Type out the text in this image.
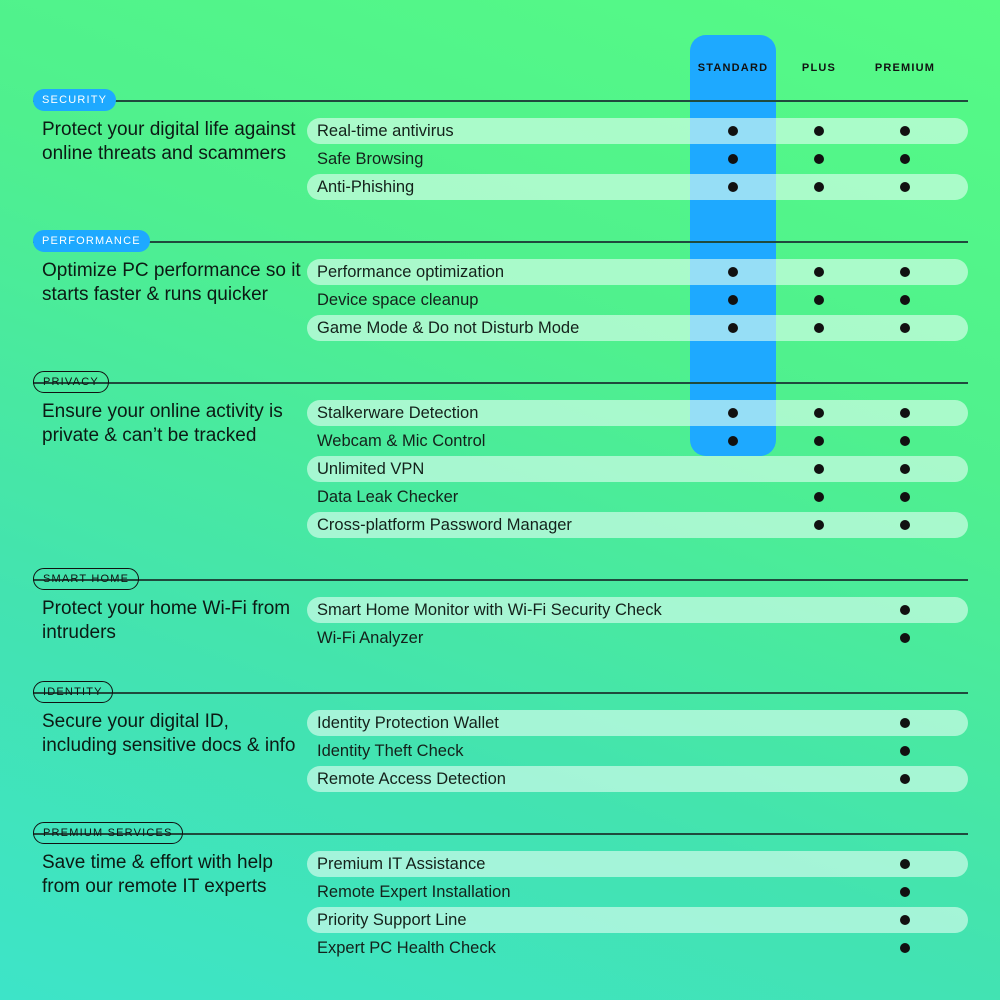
STANDARD	PLUS	PREMIUM
SECURITY
Protect your digital life against online threats and scammers
Real-time antivirus
Safe Browsing
Anti-Phishing
PERFORMANCE
Optimize PC performance so it starts faster & runs quicker
Performance optimization
Device space cleanup
Game Mode & Do not Disturb Mode
PRIVACY
Ensure your online activity is private & can’t be tracked
Stalkerware Detection
Webcam & Mic Control
Unlimited VPN
Data Leak Checker
Cross-platform Password Manager
SMART HOME
Protect your home Wi-Fi from intruders
Smart Home Monitor with Wi-Fi Security Check
Wi-Fi Analyzer
IDENTITY
Secure your digital ID, including sensitive docs & info
Identity Protection Wallet
Identity Theft Check
Remote Access Detection
PREMIUM SERVICES
Save time & effort with help from our remote IT experts
Premium IT Assistance
Remote Expert Installation
Priority Support Line
Expert PC Health Check
